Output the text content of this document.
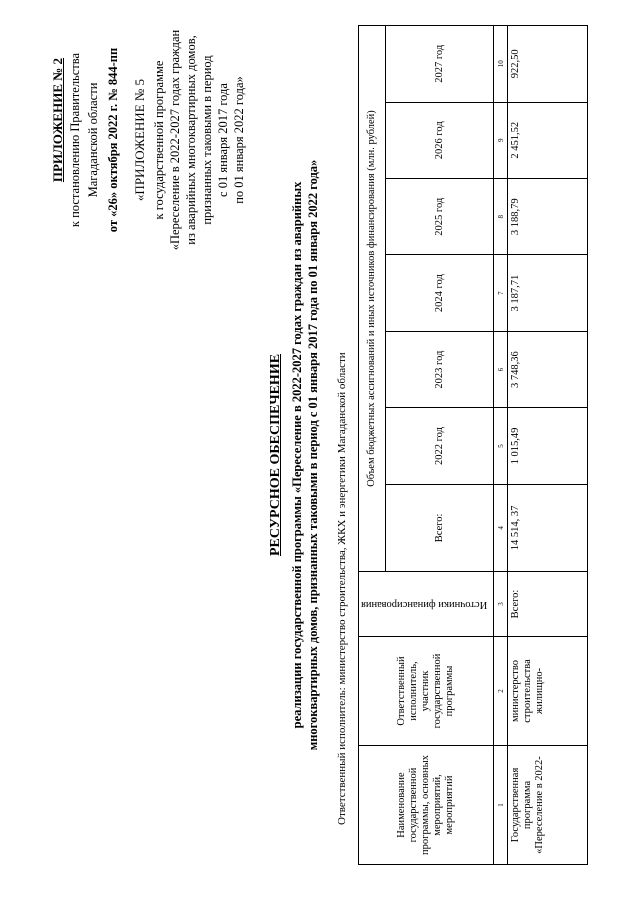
ПРИЛОЖЕНИЕ № 2 к постановлению Правительства Магаданской области от «26» октября 2022 г. № 844-пп «ПРИЛОЖЕНИЕ № 5 к государственной программе «Переселение в 2022-2027 годах граждан из аварийных многоквартирных домов, признанных таковыми в период с 01 января 2017 года по 01 января 2022 года»
РЕСУРСНОЕ ОБЕСПЕЧЕНИЕ реализации государственной программы «Переселение в 2022-2027 годах граждан из аварийных многоквартирных домов, признанных таковыми в период с 01 января 2017 года по 01 января 2022 года» Ответственный исполнитель: министерство строительства, ЖКХ и энергетики Магаданской области	Наименование государственной программы, основных мероприятий, мероприятий	Ответственный исполнитель, участник государственной программы	Источники финансирования	Объем бюджетных ассигнований и иных источников финансирования (млн. рублей)						
			Всего:	2022 год	2023 год	2024 год	2025 год	2026 год	2027 год
1	2	3	4	5	6	7	8	9	10
Государственная программа «Переселение в 2022-	министерство строительства жилищно-	Всего:	14 514, 37	1 015,49	3 748,36	3 187,71	3 188,79	2 451,52	922,50
